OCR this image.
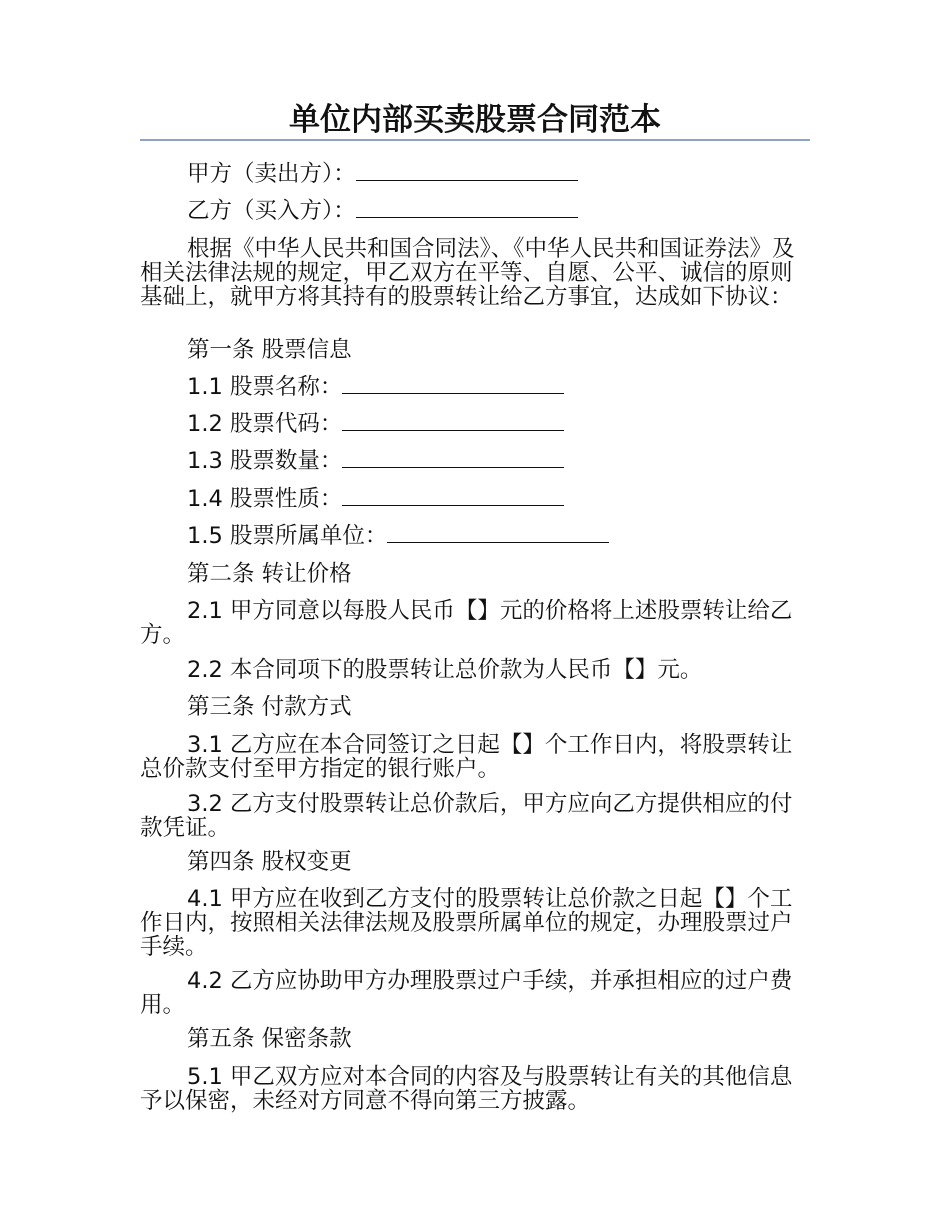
单位内部买卖股票合同范本

甲方（卖出方）：

乙方（买入方）：

根据《中华人民共和国合同法》、《中华人民共和国证券法》及相关法律法规的规定，甲乙双方在平等、自愿、公平、诚信的原则基础上，就甲方将其持有的股票转让给乙方事宜，达成如下协议：

第一条 股票信息

1.1 股票名称：

1.2 股票代码：

1.3 股票数量：

1.4 股票性质：

1.5 股票所属单位：

第二条 转让价格

2.1 甲方同意以每股人民币【】元的价格将上述股票转让给乙方。

2.2 本合同项下的股票转让总价款为人民币【】元。

第三条 付款方式

3.1 乙方应在本合同签订之日起【】个工作日内，将股票转让总价款支付至甲方指定的银行账户。

3.2 乙方支付股票转让总价款后，甲方应向乙方提供相应的付款凭证。

第四条 股权变更

4.1 甲方应在收到乙方支付的股票转让总价款之日起【】个工作日内，按照相关法律法规及股票所属单位的规定，办理股票过户手续。

4.2 乙方应协助甲方办理股票过户手续，并承担相应的过户费用。

第五条 保密条款

5.1 甲乙双方应对本合同的内容及与股票转让有关的其他信息予以保密，未经对方同意不得向第三方披露。
